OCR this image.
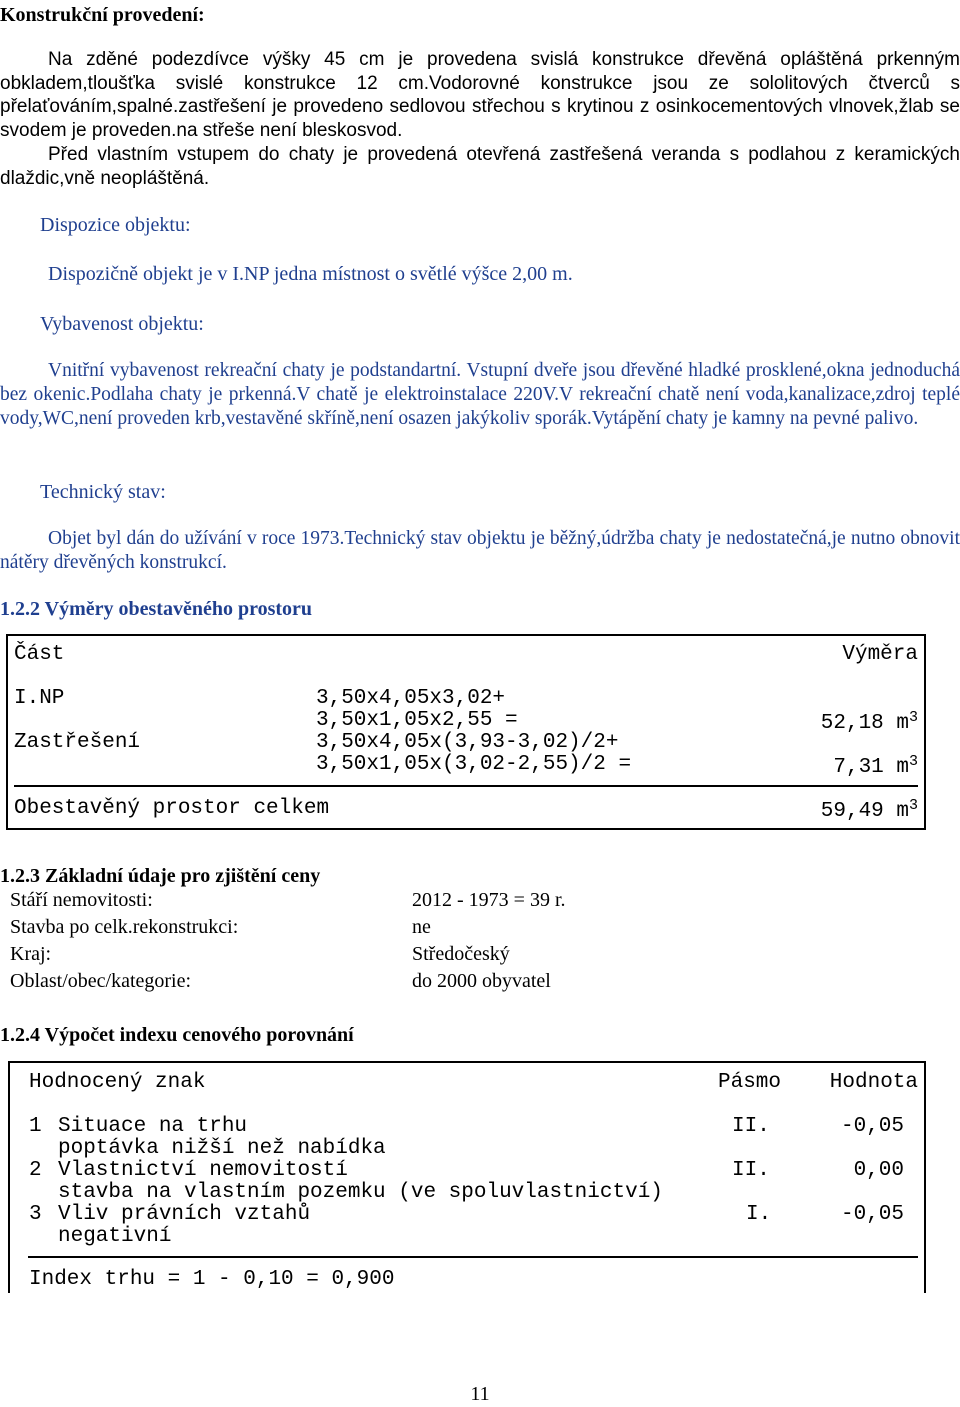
Konstrukční provedení:

Na zděné podezdívce výšky 45 cm je provedena svislá konstrukce dřevěná opláštěná prkenným obkladem,tloušťka svislé konstrukce 12 cm.Vodorovné konstrukce jsou ze sololitových čtverců s přelaťováním,spalné.zastřešení je provedeno sedlovou střechou s krytinou z osinkocementových vlnovek,žlab se svodem je proveden.na střeše není bleskosvod.

Před vlastním vstupem do chaty je provedená otevřená zastřešená veranda s podlahou z keramických dlaždic,vně neopláštěná.

Dispozice objektu:
Dispozičně objekt je v I.NP jedna místnost o světlé výšce 2,00 m.
Vybavenost objektu:

Vnitřní vybavenost rekreační chaty je podstandartní. Vstupní dveře jsou dřevěné hladké prosklené,okna jednoduchá bez okenic.Podlaha chaty je prkenná.V chatě je elektroinstalace 220V.V rekreační chatě není voda,kanalizace,zdroj teplé vody,WC,není proveden krb,vestavěné skříně,není osazen jakýkoliv sporák.Vytápění chaty je kamny na pevné palivo.

Technický stav:

Objet byl dán do užívání v roce 1973.Technický stav objektu je běžný,údržba chaty je nedostatečná,je nutno obnovit nátěry dřevěných konstrukcí.

1.2.2 Výměry obestavěného prostoru
Část	Výměra
I.NP	3,50x4,05x3,02+
3,50x1,05x2,55 =	52,18 $m^3$
Zastřešení	3,50x4,05x(3,93-3,02)/2+
3,50x1,05x(3,02-2,55)/2 =	7,31 $m^3$
Obestavěný prostor celkem	59,49 $m^3$
1.2.3 Základní údaje pro zjištění ceny
Stáří nemovitosti:	2012 - 1973 = 39 r.
Stavba po celk.rekonstrukci:	ne
Kraj:	Středočeský
Oblast/obec/kategorie:	do 2000 obyvatel
1.2.4 Výpočet indexu cenového porovnání
Hodnocený znak	Pásmo Hodnota
1 Situace na trhu	II.	-0,05
poptávka nižší než nabídka
2 Vlastnictví nemovitostí	II.	0,00
stavba na vlastním pozemku (ve spoluvlastnictví)
3 Vliv právních vztahů	I.	-0,05
negativní
Index trhu = 1 - 0,10 = 0,900
11
